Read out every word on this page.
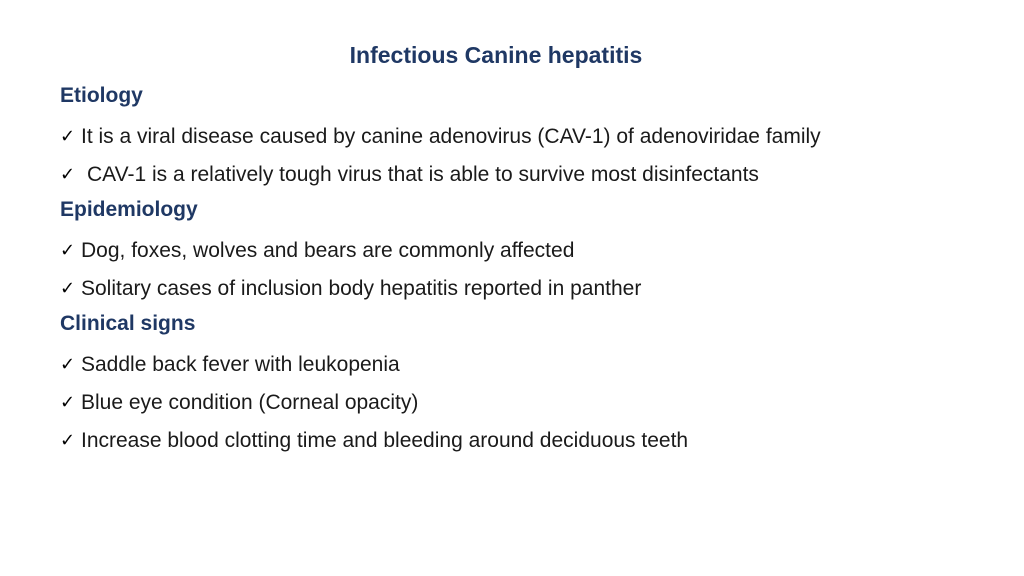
Infectious Canine hepatitis
Etiology
✓ It is a viral disease caused by canine adenovirus (CAV-1) of adenoviridae family
✓ CAV-1 is a relatively tough virus that is able to survive most disinfectants
Epidemiology
✓ Dog, foxes, wolves and bears are commonly affected
✓ Solitary cases of inclusion body hepatitis reported in panther
Clinical signs
✓ Saddle back fever with leukopenia
✓ Blue eye condition (Corneal opacity)
✓ Increase blood clotting time and bleeding around deciduous teeth
